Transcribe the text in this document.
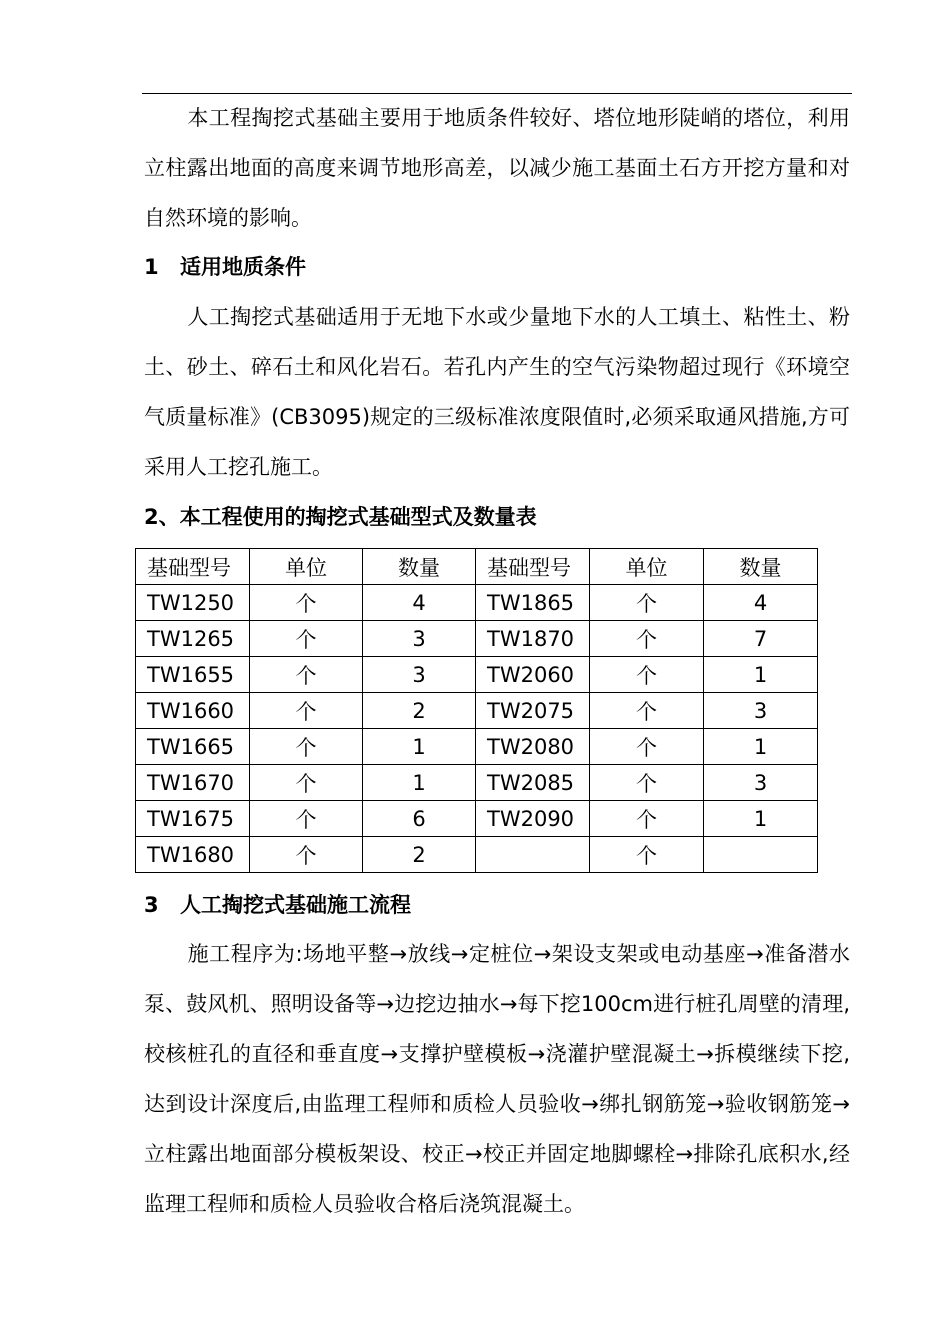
本工程掏挖式基础主要用于地质条件较好、塔位地形陡峭的塔位，利用立柱露出地面的高度来调节地形高差，以减少施工基面土石方开挖方量和对自然环境的影响。
1 适用地质条件
人工掏挖式基础适用于无地下水或少量地下水的人工填土、粘性土、粉土、砂土、碎石土和风化岩石。若孔内产生的空气污染物超过现行《环境空气质量标准》(CB3095)规定的三级标准浓度限值时,必须采取通风措施,方可采用人工挖孔施工。
2、本工程使用的掏挖式基础型式及数量表
基础型号	单位	数量	基础型号	单位	数量
TW1250	个	4	TW1865	个	4
TW1265	个	3	TW1870	个	7
TW1655	个	3	TW2060	个	1
TW1660	个	2	TW2075	个	3
TW1665	个	1	TW2080	个	1
TW1670	个	1	TW2085	个	3
TW1675	个	6	TW2090	个	1
TW1680	个	2		个	
3 人工掏挖式基础施工流程
施工程序为:场地平整→放线→定桩位→架设支架或电动基座→准备潜水泵、鼓风机、照明设备等→边挖边抽水→每下挖100cm进行桩孔周壁的清理,校核桩孔的直径和垂直度→支撑护壁模板→浇灌护壁混凝土→拆模继续下挖,达到设计深度后,由监理工程师和质检人员验收→绑扎钢筋笼→验收钢筋笼→立柱露出地面部分模板架设、校正→校正并固定地脚螺栓→排除孔底积水,经监理工程师和质检人员验收合格后浇筑混凝土。
